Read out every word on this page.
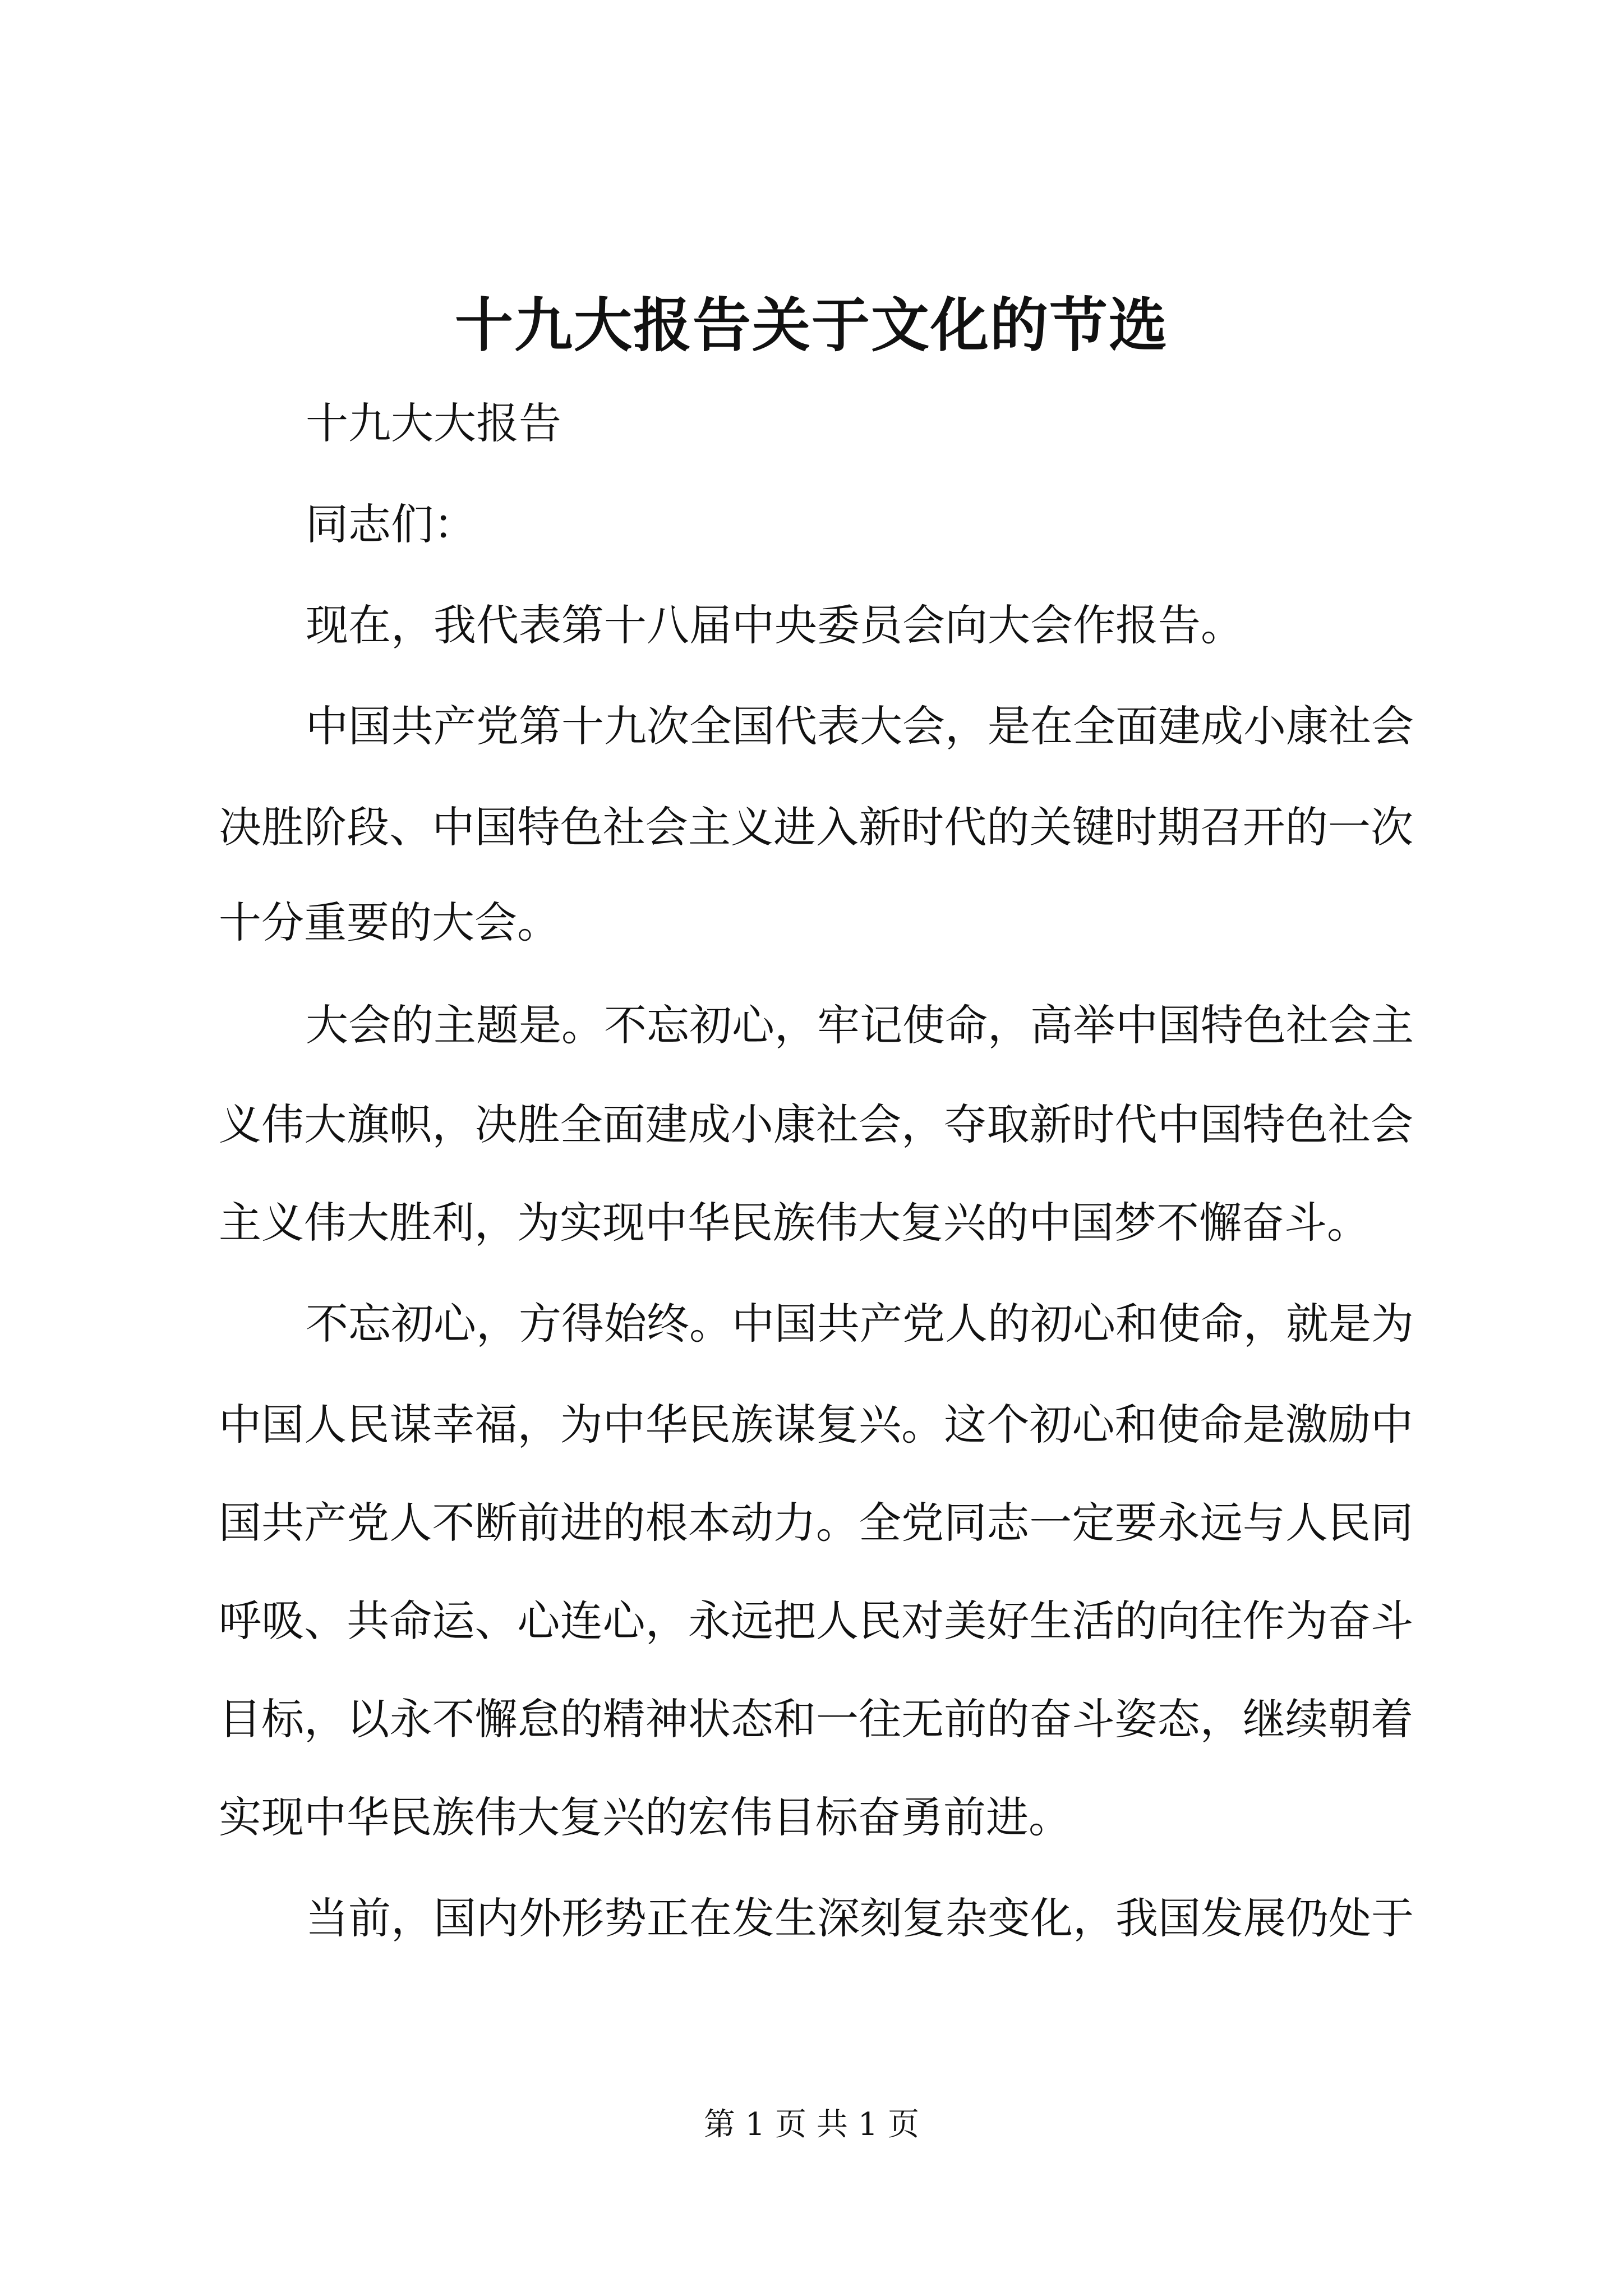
十九大报告关于文化的节选
十九大大报告
同志们：
现在，我代表第十八届中央委员会向大会作报告。
中国共产党第十九次全国代表大会，是在全面建成小康社会
决胜阶段、中国特色社会主义进入新时代的关键时期召开的一次
十分重要的大会。
大会的主题是。不忘初心，牢记使命，高举中国特色社会主
义伟大旗帜，决胜全面建成小康社会，夺取新时代中国特色社会
主义伟大胜利，为实现中华民族伟大复兴的中国梦不懈奋斗。
不忘初心，方得始终。中国共产党人的初心和使命，就是为
中国人民谋幸福，为中华民族谋复兴。这个初心和使命是激励中
国共产党人不断前进的根本动力。全党同志一定要永远与人民同
呼吸、共命运、心连心，永远把人民对美好生活的向往作为奋斗
目标，以永不懈怠的精神状态和一往无前的奋斗姿态，继续朝着
实现中华民族伟大复兴的宏伟目标奋勇前进。
当前，国内外形势正在发生深刻复杂变化，我国发展仍处于
第 1 页 共 1 页
